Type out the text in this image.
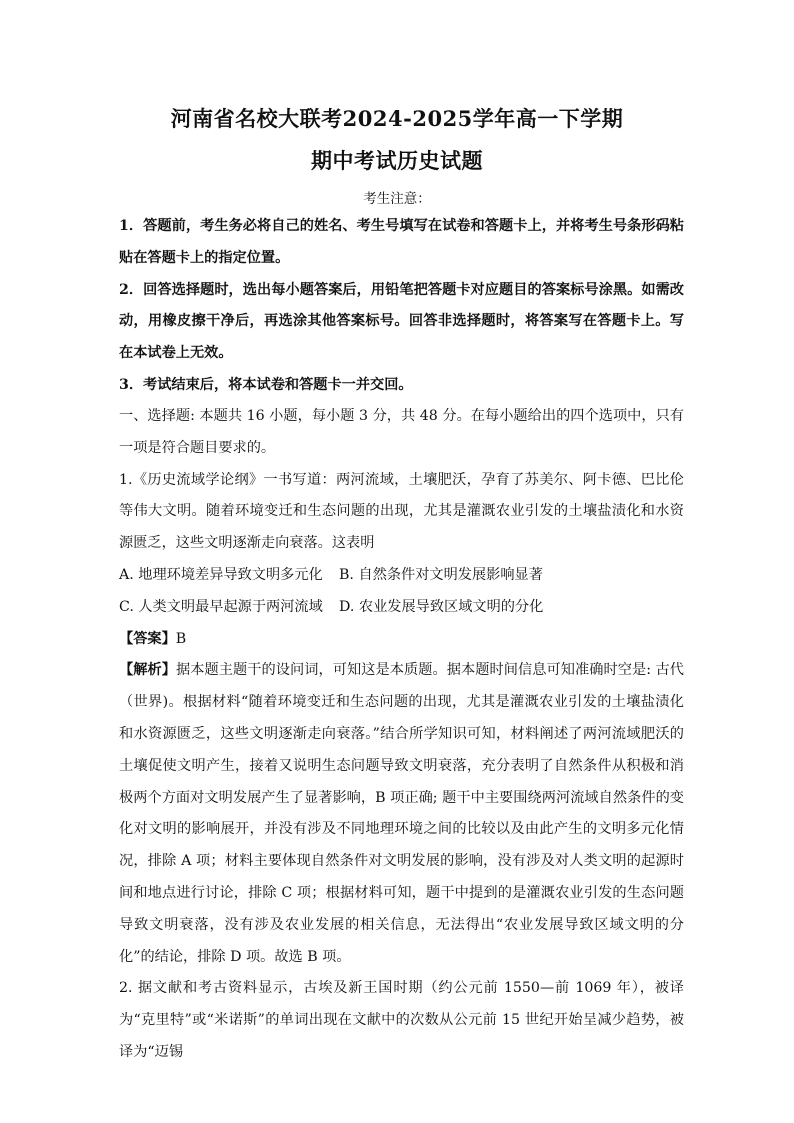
河南省名校大联考2024-2025学年高一下学期
期中考试历史试题
考生注意：

1．答题前，考生务必将自己的姓名、考生号填写在试卷和答题卡上，并将考生号条形码粘贴在答题卡上的指定位置。

2．回答选择题时，选出每小题答案后，用铅笔把答题卡对应题目的答案标号涂黑。如需改动，用橡皮擦干净后，再选涂其他答案标号。回答非选择题时，将答案写在答题卡上。写在本试卷上无效。

3．考试结束后，将本试卷和答题卡一并交回。

一、选择题: 本题共 16 小题，每小题 3 分，共 48 分。在每小题给出的四个选项中，只有一项是符合题目要求的。

1.《历史流域学论纲》一书写道：两河流域，土壤肥沃，孕育了苏美尔、阿卡德、巴比伦等伟大文明。随着环境变迁和生态问题的出现，尤其是灌溉农业引发的土壤盐渍化和水资源匮乏，这些文明逐渐走向衰落。这表明

A. 地理环境差异导致文明多元化	B. 自然条件对文明发展影响显著
C. 人类文明最早起源于两河流域	D. 农业发展导致区域文明的分化

【答案】B

【解析】据本题主题干的设问词，可知这是本质题。据本题时间信息可知准确时空是: 古代（世界)。根据材料“随着环境变迁和生态问题的出现，尤其是灌溉农业引发的土壤盐渍化和水资源匮乏，这些文明逐渐走向衰落。”结合所学知识可知，材料阐述了两河流域肥沃的土壤促使文明产生，接着又说明生态问题导致文明衰落，充分表明了自然条件从积极和消极两个方面对文明发展产生了显著影响，B 项正确; 题干中主要围绕两河流域自然条件的变化对文明的影响展开，并没有涉及不同地理环境之间的比较以及由此产生的文明多元化情况，排除 A 项；材料主要体现自然条件对文明发展的影响，没有涉及对人类文明的起源时间和地点进行讨论，排除 C 项；根据材料可知，题干中提到的是灌溉农业引发的生态问题导致文明衰落，没有涉及农业发展的相关信息，无法得出“农业发展导致区域文明的分化”的结论，排除 D 项。故选 B 项。

2. 据文献和考古资料显示，古埃及新王国时期（约公元前 1550—前 1069 年），被译为“克里特”或“米诺斯”的单词出现在文献中的次数从公元前 15 世纪开始呈减少趋势，被译为“迈锡
